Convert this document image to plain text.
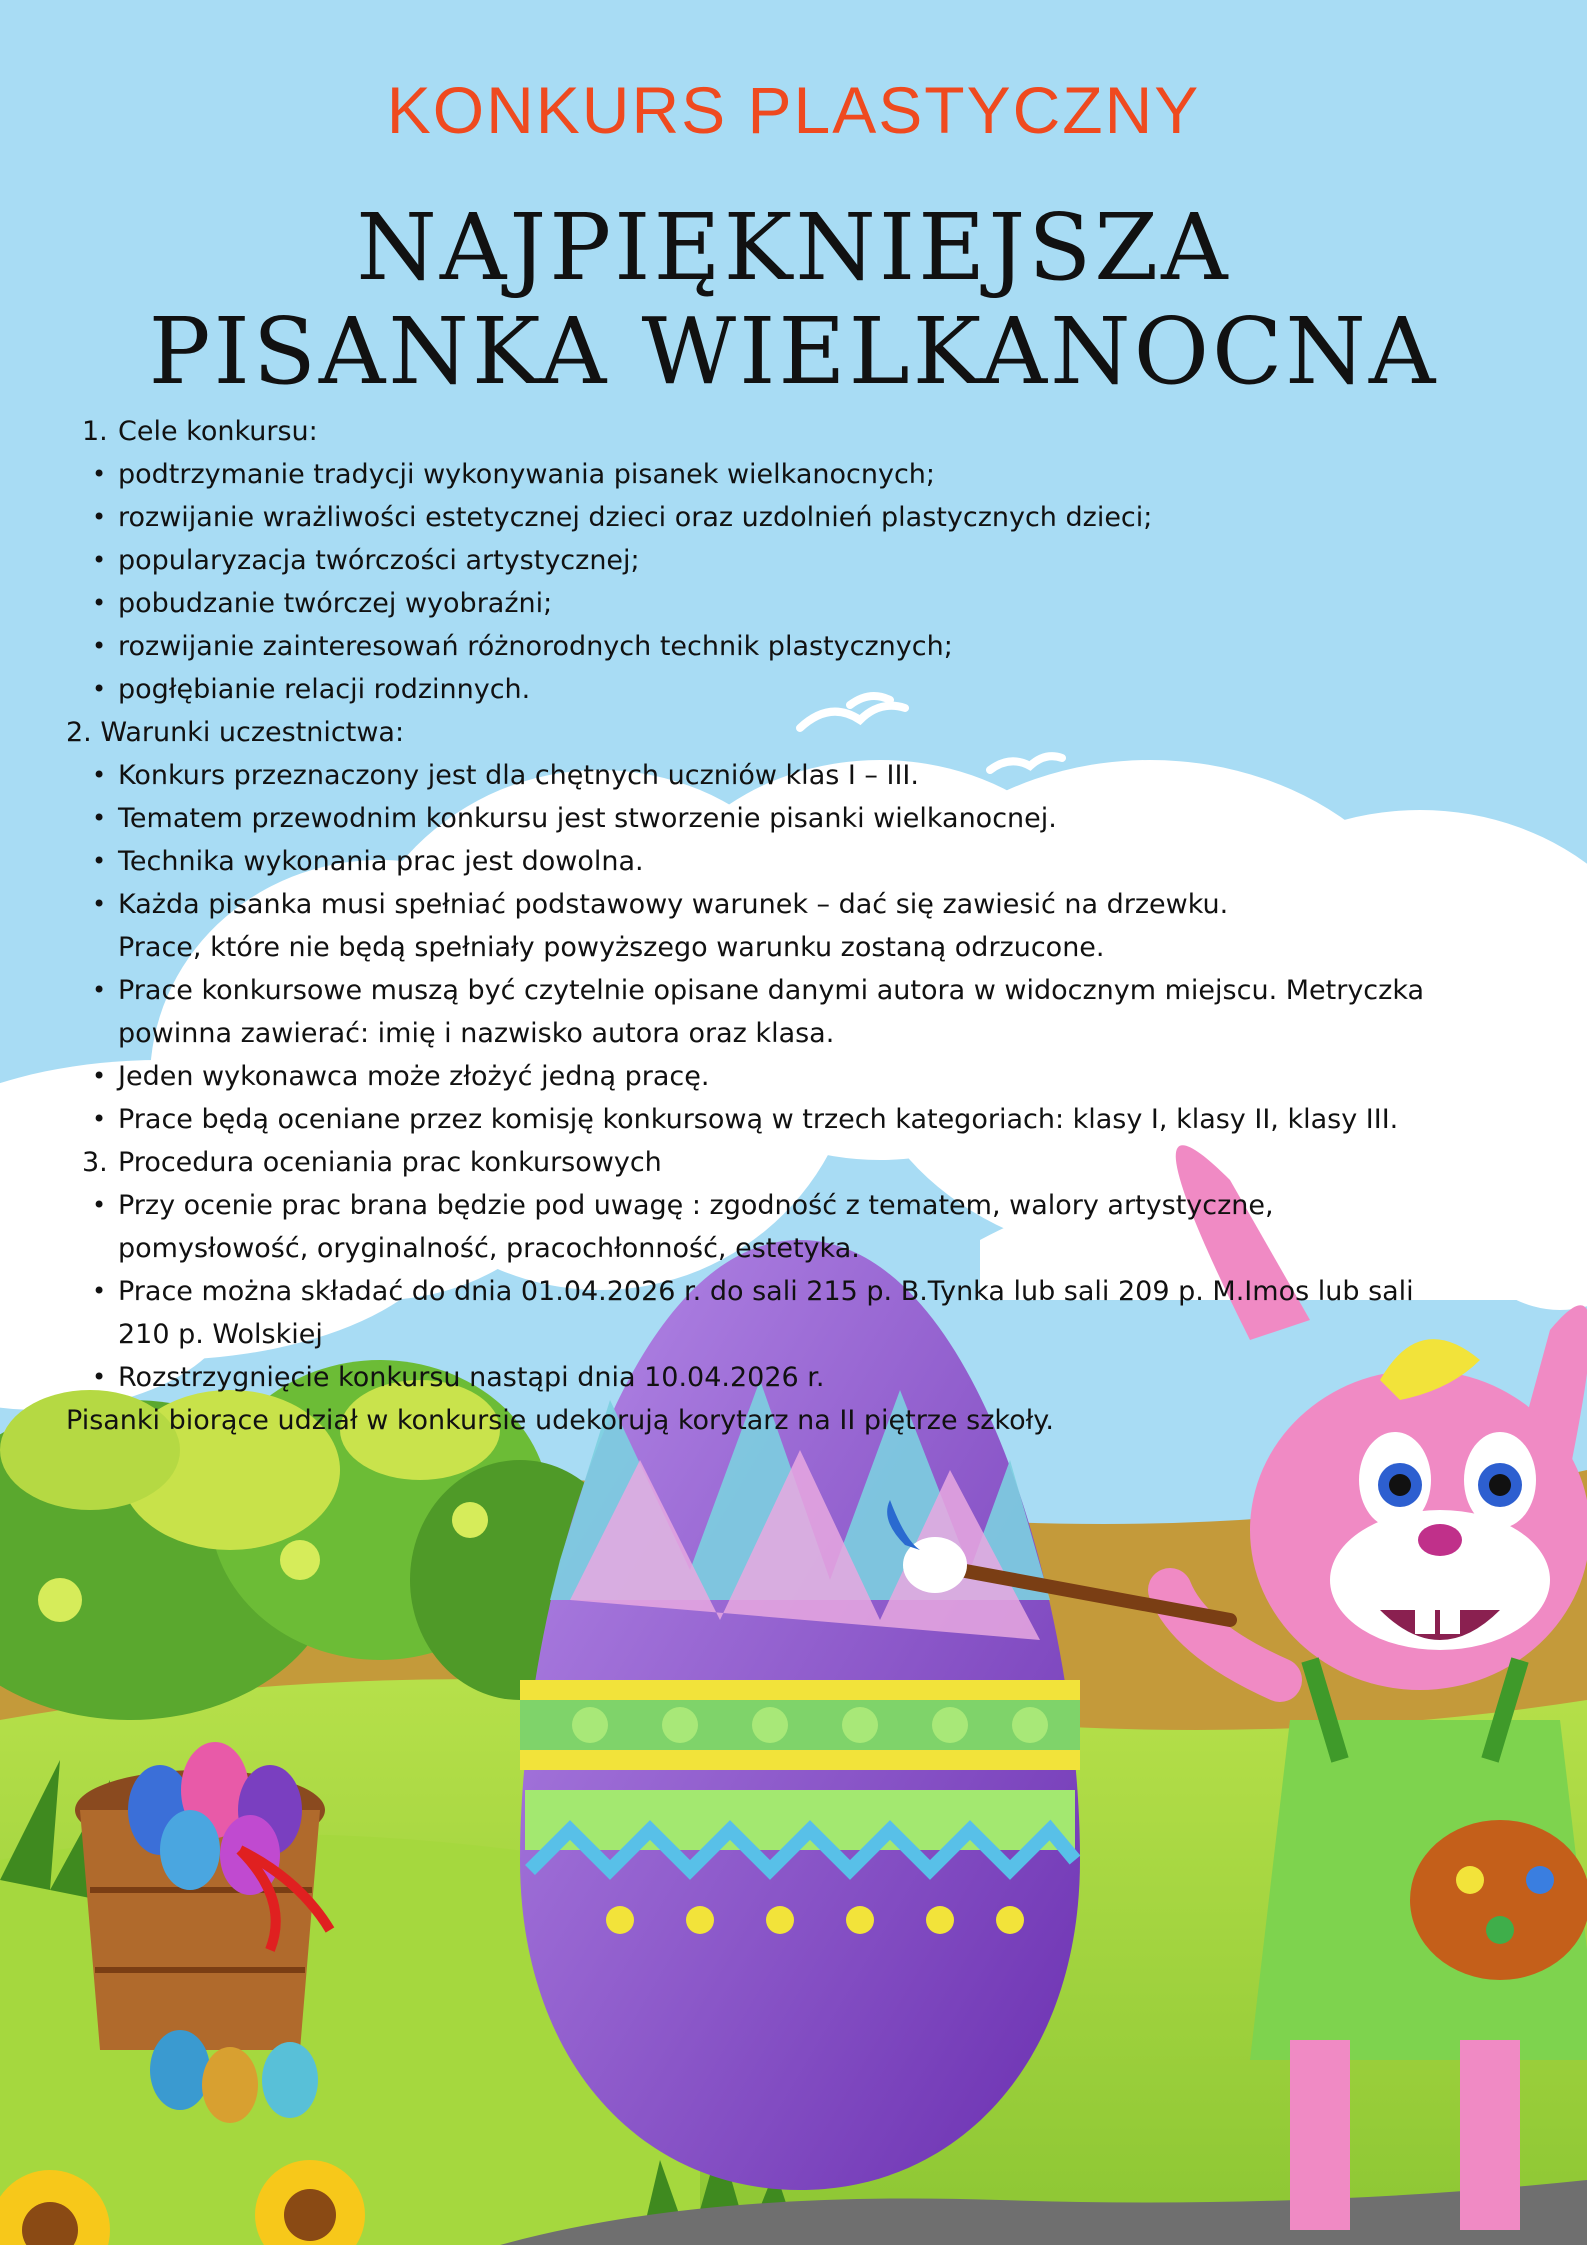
KONKURS PLASTYCZNY
NAJPIĘKNIEJSZA
PISANKA WIELKANOCNA
1. Cele konkursu:
• podtrzymanie tradycji wykonywania pisanek wielkanocnych;
• rozwijanie wrażliwości estetycznej dzieci oraz uzdolnień plastycznych dzieci;
• popularyzacja twórczości artystycznej;
• pobudzanie twórczej wyobraźni;
• rozwijanie zainteresowań różnorodnych technik plastycznych;
• pogłębianie relacji rodzinnych.
2. Warunki uczestnictwa:
• Konkurs przeznaczony jest dla chętnych uczniów klas I – III.
• Tematem przewodnim konkursu jest stworzenie pisanki wielkanocnej.
• Technika wykonania prac jest dowolna.
• Każda pisanka musi spełniać podstawowy warunek – dać się zawiesić na drzewku.
Prace, które nie będą spełniały powyższego warunku zostaną odrzucone.
• Prace konkursowe muszą być czytelnie opisane danymi autora w widocznym miejscu. Metryczka
powinna zawierać: imię i nazwisko autora oraz klasa.
• Jeden wykonawca może złożyć jedną pracę.
• Prace będą oceniane przez komisję konkursową w trzech kategoriach: klasy I, klasy II, klasy III.
3. Procedura oceniania prac konkursowych
• Przy ocenie prac brana będzie pod uwagę : zgodność z tematem, walory artystyczne,
pomysłowość, oryginalność, pracochłonność, estetyka.
• Prace można składać do dnia 01.04.2026 r. do sali 215 p. B.Tynka lub sali 209 p. M.Imos lub sali
210 p. Wolskiej
• Rozstrzygnięcie konkursu nastąpi dnia 10.04.2026 r.
Pisanki biorące udział w konkursie udekorują korytarz na II piętrze szkoły.
